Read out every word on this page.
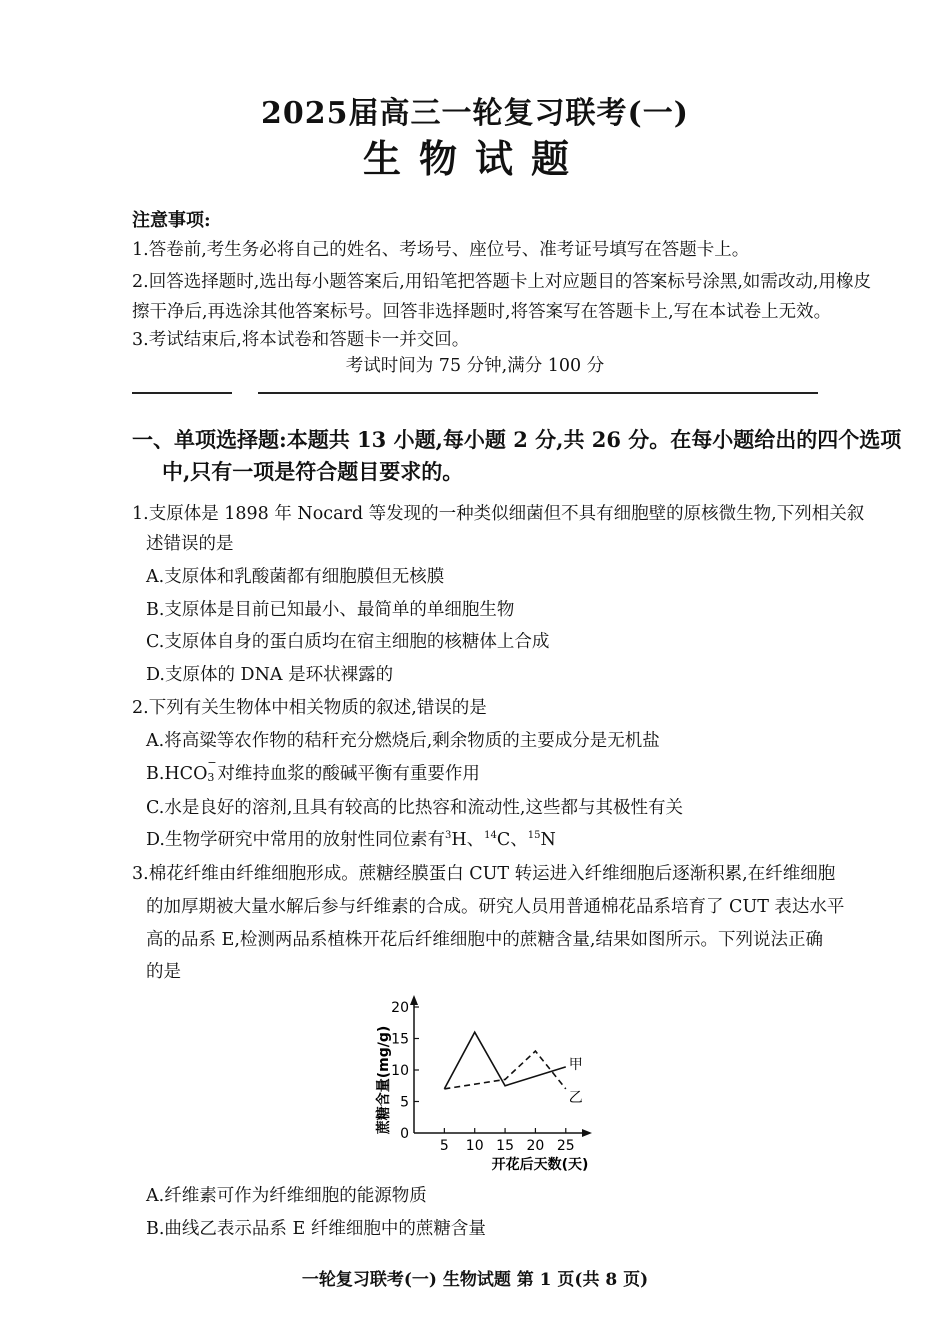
2025届高三一轮复习联考(一)
生物试题
注意事项:
1.答卷前,考生务必将自己的姓名、考场号、座位号、准考证号填写在答题卡上。
2.回答选择题时,选出每小题答案后,用铅笔把答题卡上对应题目的答案标号涂黑,如需改动,用橡皮
擦干净后,再选涂其他答案标号。回答非选择题时,将答案写在答题卡上,写在本试卷上无效。
3.考试结束后,将本试卷和答题卡一并交回。
考试时间为 75 分钟,满分 100 分
一、单项选择题:本题共 13 小题,每小题 2 分,共 26 分。在每小题给出的四个选项
中,只有一项是符合题目要求的。
1.支原体是 1898 年 Nocard 等发现的一种类似细菌但不具有细胞壁的原核微生物,下列相关叙
述错误的是
A.支原体和乳酸菌都有细胞膜但无核膜
B.支原体是目前已知最小、最简单的单细胞生物
C.支原体自身的蛋白质均在宿主细胞的核糖体上合成
D.支原体的 DNA 是环状裸露的
2.下列有关生物体中相关物质的叙述,错误的是
A.将高粱等农作物的秸秆充分燃烧后,剩余物质的主要成分是无机盐
B.HCO
−
3 对维持血浆的酸碱平衡有重要作用
C.水是良好的溶剂,且具有较高的比热容和流动性,这些都与其极性有关
D.生物学研究中常用的放射性同位素有$^3$H、$^{14}$C、$^{15}$N
3.棉花纤维由纤维细胞形成。蔗糖经膜蛋白 CUT 转运进入纤维细胞后逐渐积累,在纤维细胞
的加厚期被大量水解后参与纤维素的合成。研究人员用普通棉花品系培育了 CUT 表达水平
高的品系 E,检测两品系植株开花后纤维细胞中的蔗糖含量,结果如图所示。下列说法正确
的是
蔗糖含量(mg/g) 0
5
10
15
20
5 10 15 20 25
甲
乙
开花后天数(天)
A.纤维素可作为纤维细胞的能源物质
B.曲线乙表示品系 E 纤维细胞中的蔗糖含量
一轮复习联考(一) 生物试题 第 1 页(共 8 页)
